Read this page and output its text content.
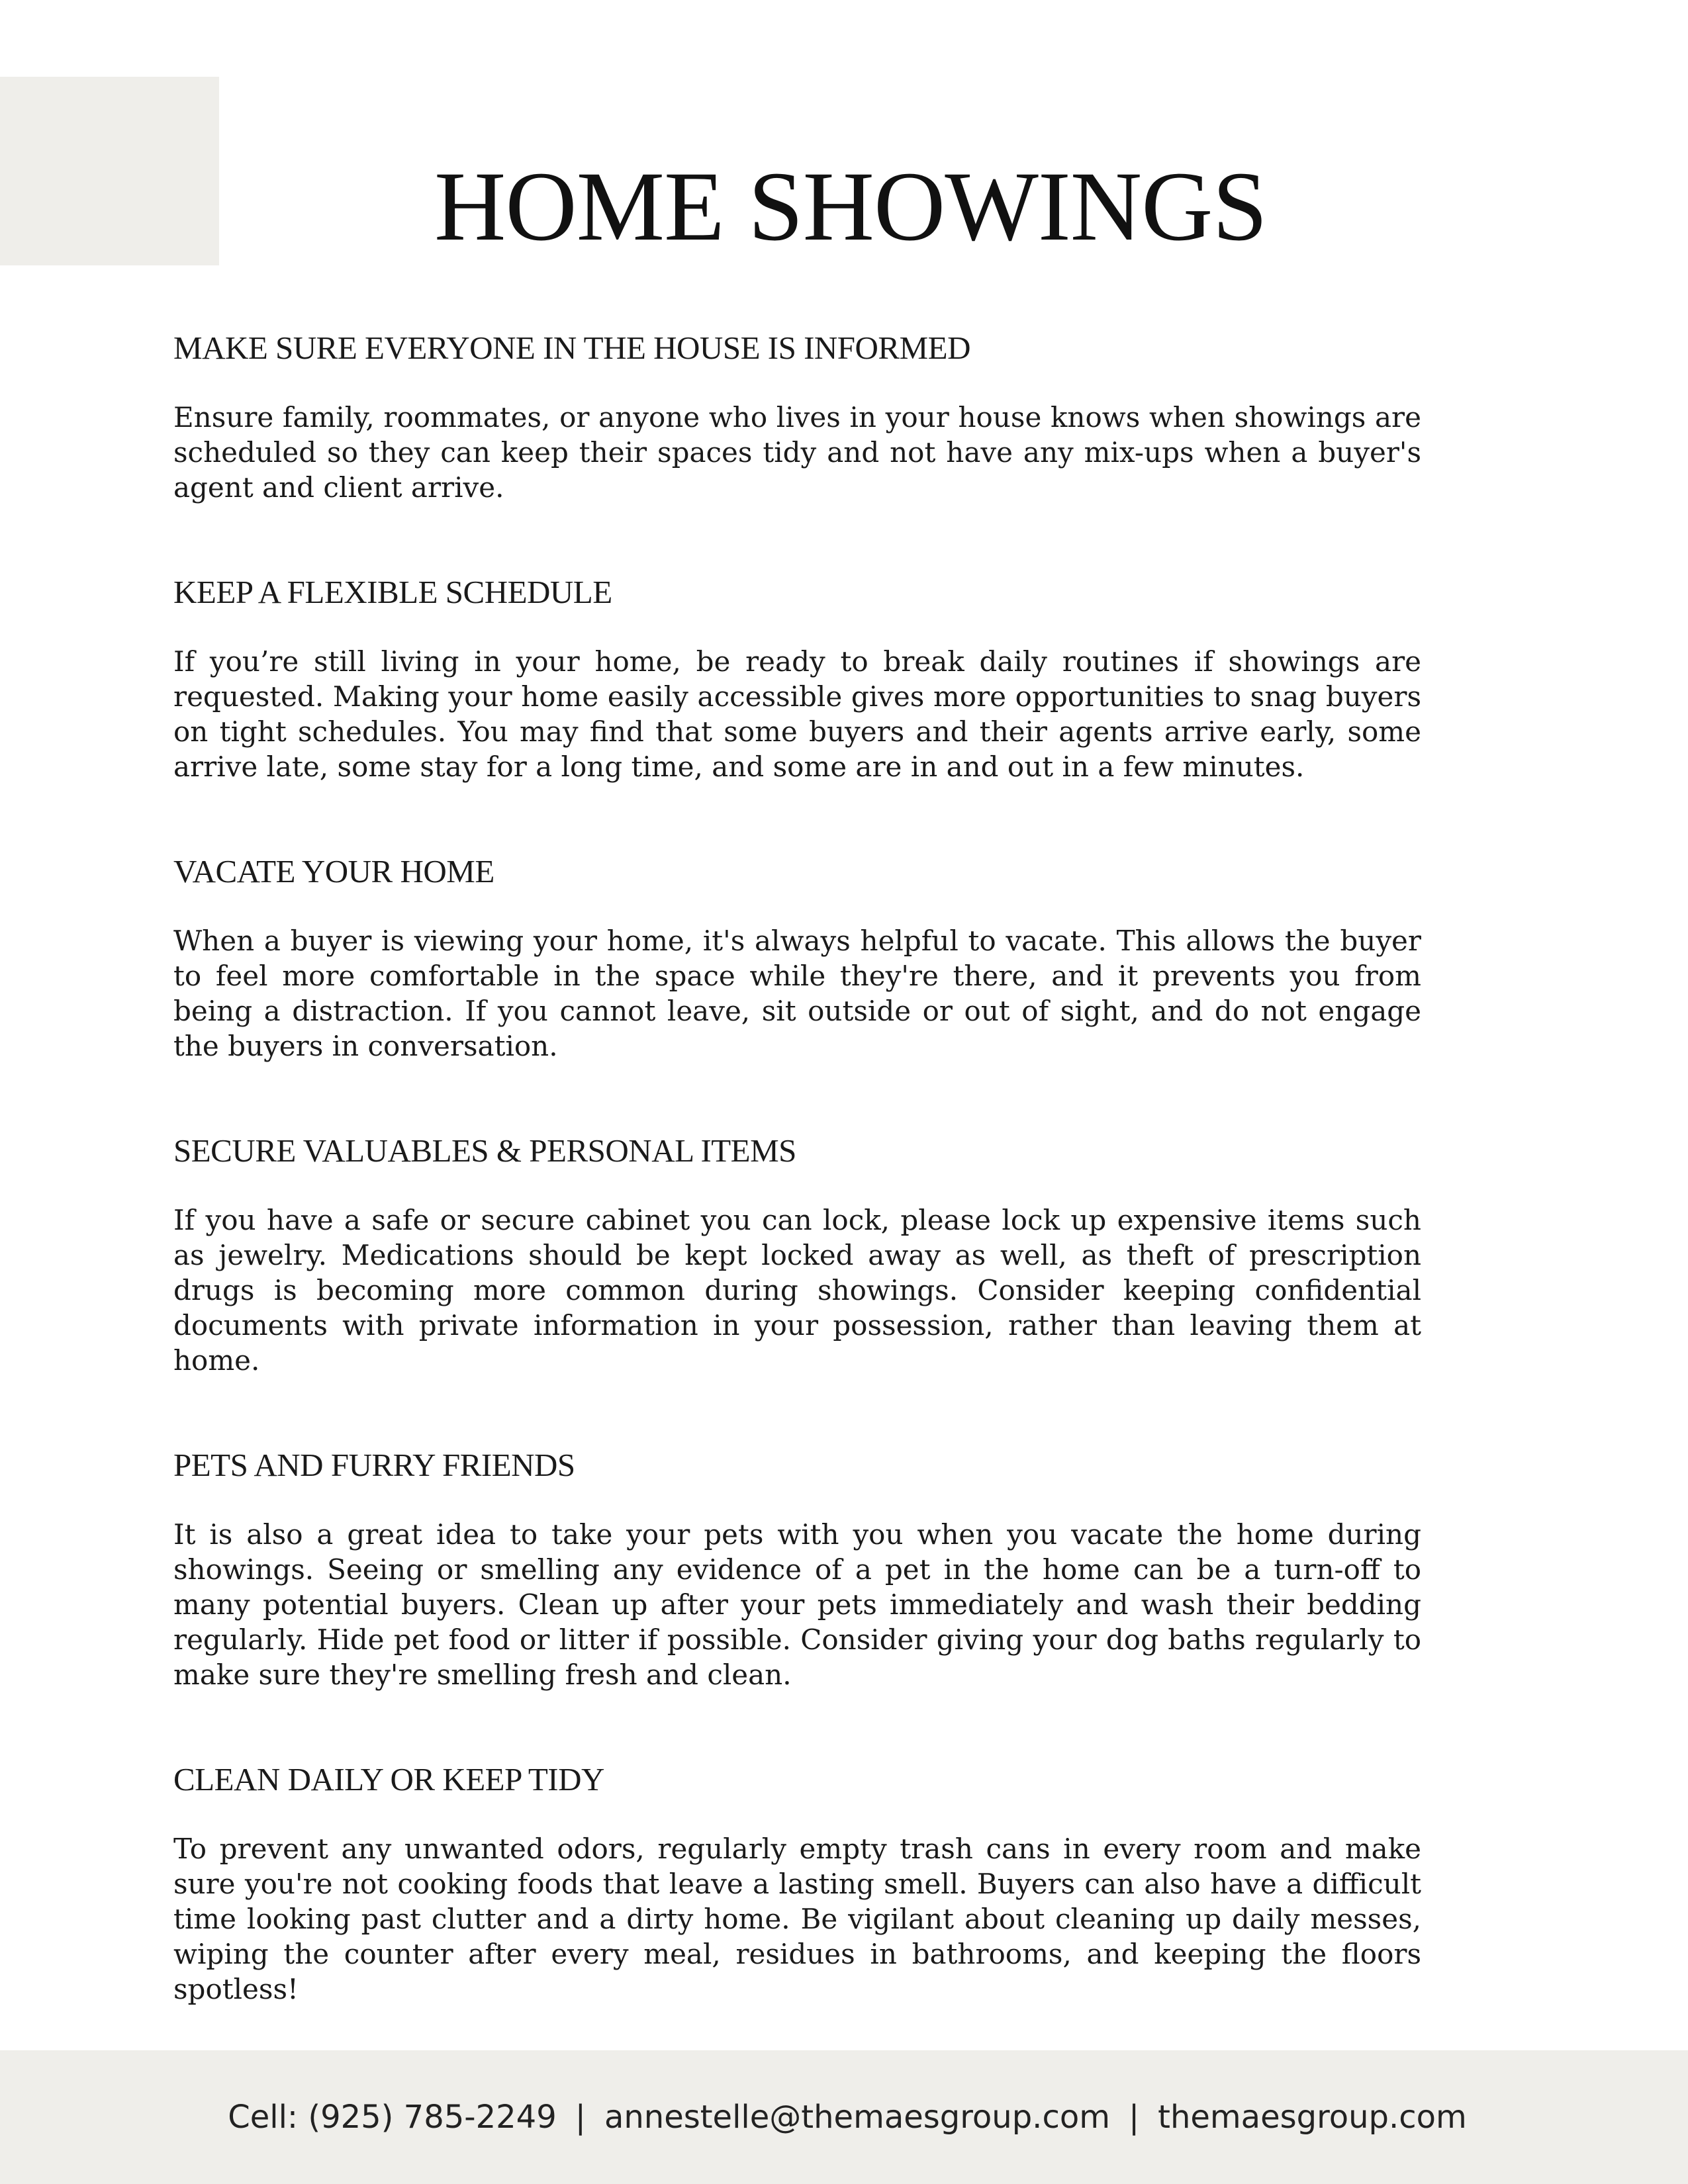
HOME SHOWINGS
MAKE SURE EVERYONE IN THE HOUSE IS INFORMED

Ensure family, roommates, or anyone who lives in your house knows when showings are scheduled so they can keep their spaces tidy and not have any mix-ups when a buyer's agent and client arrive.

KEEP A FLEXIBLE SCHEDULE

If you’re still living in your home, be ready to break daily routines if showings are requested. Making your home easily accessible gives more opportunities to snag buyers on tight schedules. You may find that some buyers and their agents arrive early, some arrive late, some stay for a long time, and some are in and out in a few minutes.

VACATE YOUR HOME

When a buyer is viewing your home, it's always helpful to vacate. This allows the buyer to feel more comfortable in the space while they're there, and it prevents you from being a distraction. If you cannot leave, sit outside or out of sight, and do not engage the buyers in conversation.

SECURE VALUABLES & PERSONAL ITEMS

If you have a safe or secure cabinet you can lock, please lock up expensive items such as jewelry. Medications should be kept locked away as well, as theft of prescription drugs is becoming more common during showings. Consider keeping confidential documents with private information in your possession, rather than leaving them at home.

PETS AND FURRY FRIENDS

It is also a great idea to take your pets with you when you vacate the home during showings. Seeing or smelling any evidence of a pet in the home can be a turn-off to many potential buyers. Clean up after your pets immediately and wash their bedding regularly. Hide pet food or litter if possible. Consider giving your dog baths regularly to make sure they're smelling fresh and clean.

CLEAN DAILY OR KEEP TIDY

To prevent any unwanted odors, regularly empty trash cans in every room and make sure you're not cooking foods that leave a lasting smell. Buyers can also have a difficult time looking past clutter and a dirty home. Be vigilant about cleaning up daily messes, wiping the counter after every meal, residues in bathrooms, and keeping the floors spotless!

Cell: (925) 785-2249 | annestelle@themaesgroup.com | themaesgroup.com
